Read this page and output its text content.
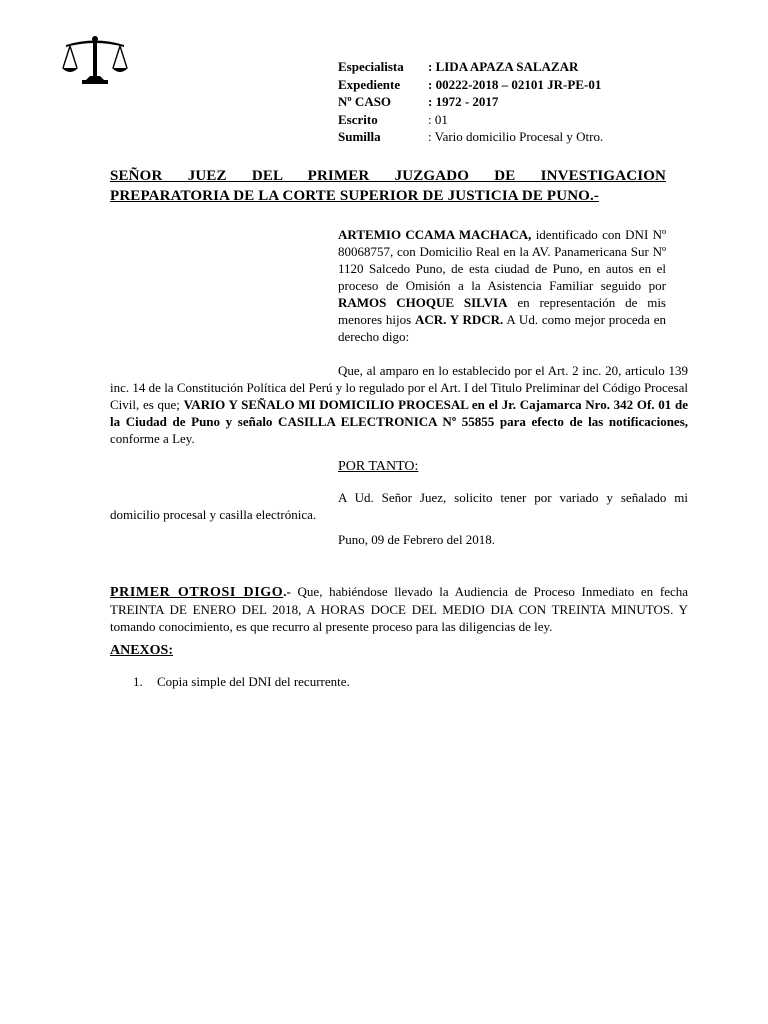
Especialista	: LIDA APAZA SALAZAR
Expediente	: 00222-2018 – 02101 JR-PE-01
Nº CASO	: 1972 - 2017
Escrito	: 01
Sumilla	: Vario domicilio Procesal y Otro.
SEÑOR JUEZ DEL PRIMER JUZGADO DE INVESTIGACION
PREPARATORIA DE LA CORTE SUPERIOR DE JUSTICIA DE PUNO.-
ARTEMIO CCAMA MACHACA, identificado con DNI Nº 80068757, con Domicilio Real en la AV. Panamericana Sur Nº 1120 Salcedo Puno, de esta ciudad de Puno, en autos en el proceso de Omisión a la Asistencia Familiar seguido por RAMOS CHOQUE SILVIA en representación de mis menores hijos ACR. Y RDCR. A Ud. como mejor proceda en derecho digo:
Que, al amparo en lo establecido por el Art. 2 inc. 20, articulo 139 inc. 14 de la Constitución Política del Perú y lo regulado por el Art. I del Titulo Preliminar del Código Procesal Civil, es que; VARIO Y SEÑALO MI DOMICILIO PROCESAL en el Jr. Cajamarca Nro. 342 Of. 01 de la Ciudad de Puno y señalo CASILLA ELECTRONICA Nº 55855 para efecto de las notificaciones, conforme a Ley.
POR TANTO:
A Ud. Señor Juez, solicito tener por variado y señalado mi domicilio procesal y casilla electrónica.
Puno, 09 de Febrero del 2018.
PRIMER OTROSI DIGO.- Que, habiéndose llevado la Audiencia de Proceso Inmediato en fecha TREINTA DE ENERO DEL 2018, A HORAS DOCE DEL MEDIO DIA CON TREINTA MINUTOS. Y tomando conocimiento, es que recurro al presente proceso para las diligencias de ley.
ANEXOS:
1. Copia simple del DNI del recurrente.
